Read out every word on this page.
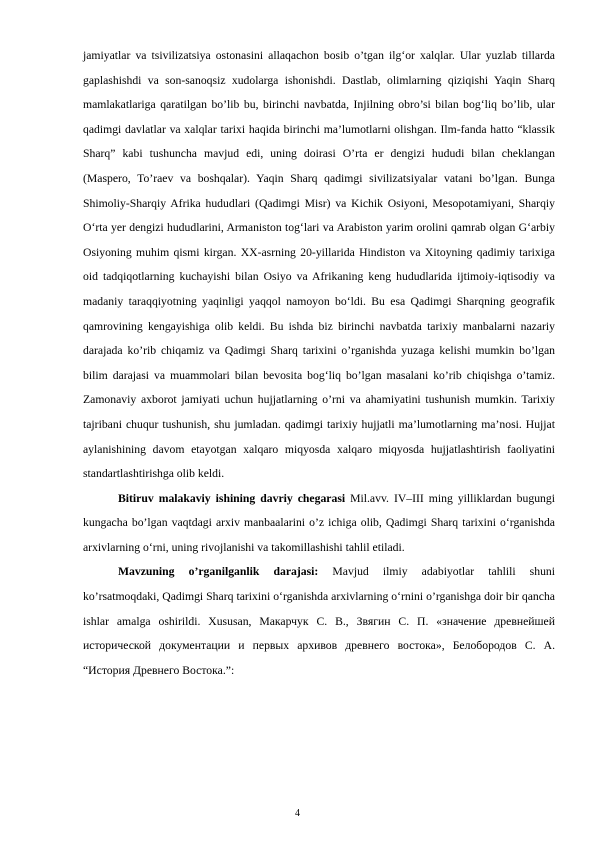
jamiyatlar va tsivilizatsiya ostonasini allaqachon bosib o’tgan ilg‘or xalqlar. Ular yuzlab tillarda gaplashishdi va son-sanoqsiz xudolarga ishonishdi. Dastlab, olimlarning qiziqishi Yaqin Sharq mamlakatlariga qaratilgan bo’lib bu, birinchi navbatda, Injilning obro’si bilan bog‘liq bo’lib, ular qadimgi davlatlar va xalqlar tarixi haqida birinchi ma’lumotlarni olishgan. Ilm-fanda hatto “klassik Sharq” kabi tushuncha mavjud edi, uning doirasi O’rta er dengizi hududi bilan cheklangan (Maspero, To’raev va boshqalar). Yaqin Sharq qadimgi sivilizatsiyalar vatani bo’lgan. Bunga Shimoliy-Sharqiy Afrika hududlari (Qadimgi Misr) va Kichik Osiyoni, Mesopotamiyani, Sharqiy O‘rta yer dengizi hududlarini, Armaniston tog‘lari va Arabiston yarim orolini qamrab olgan G‘arbiy Osiyoning muhim qismi kirgan. XX-asrning 20-yillarida Hindiston va Xitoyning qadimiy tarixiga oid tadqiqotlarning kuchayishi bilan Osiyo va Afrikaning keng hududlarida ijtimoiy-iqtisodiy va madaniy taraqqiyotning yaqinligi yaqqol namoyon bo‘ldi. Bu esa Qadimgi Sharqning geografik qamrovining kengayishiga olib keldi. Bu ishda biz birinchi navbatda tarixiy manbalarni nazariy darajada ko’rib chiqamiz va Qadimgi Sharq tarixini o’rganishda yuzaga kelishi mumkin bo’lgan bilim darajasi va muammolari bilan bevosita bog‘liq bo’lgan masalani ko’rib chiqishga o’tamiz. Zamonaviy axborot jamiyati uchun hujjatlarning o’rni va ahamiyatini tushunish mumkin. Tarixiy tajribani chuqur tushunish, shu jumladan. qadimgi tarixiy hujjatli ma’lumotlarning ma’nosi. Hujjat aylanishining davom etayotgan xalqaro miqyosda xalqaro miqyosda hujjatlashtirish faoliyatini standartlashtirishga olib keldi.

Bitiruv malakaviy ishining davriy chegarasi Mil.avv. IV–III ming yilliklardan bugungi kungacha bo’lgan vaqtdagi arxiv manbaalarini o’z ichiga olib, Qadimgi Sharq tarixini o‘rganishda arxivlarning o‘rni, uning rivojlanishi va takomillashishi tahlil etiladi.

Mavzuning o’rganilganlik darajasi: Mavjud ilmiy adabiyotlar tahlili shuni ko’rsatmoqdaki, Qadimgi Sharq tarixini o‘rganishda arxivlarning o‘rnini o’rganishga doir bir qancha ishlar amalga oshirildi. Xususan, Макарчук С. В., Звягин С. П. «значение древнейшей исторической документации и первых архивов древнего востока», Белобородов С. А. “История Древнего Востока.”:

4
